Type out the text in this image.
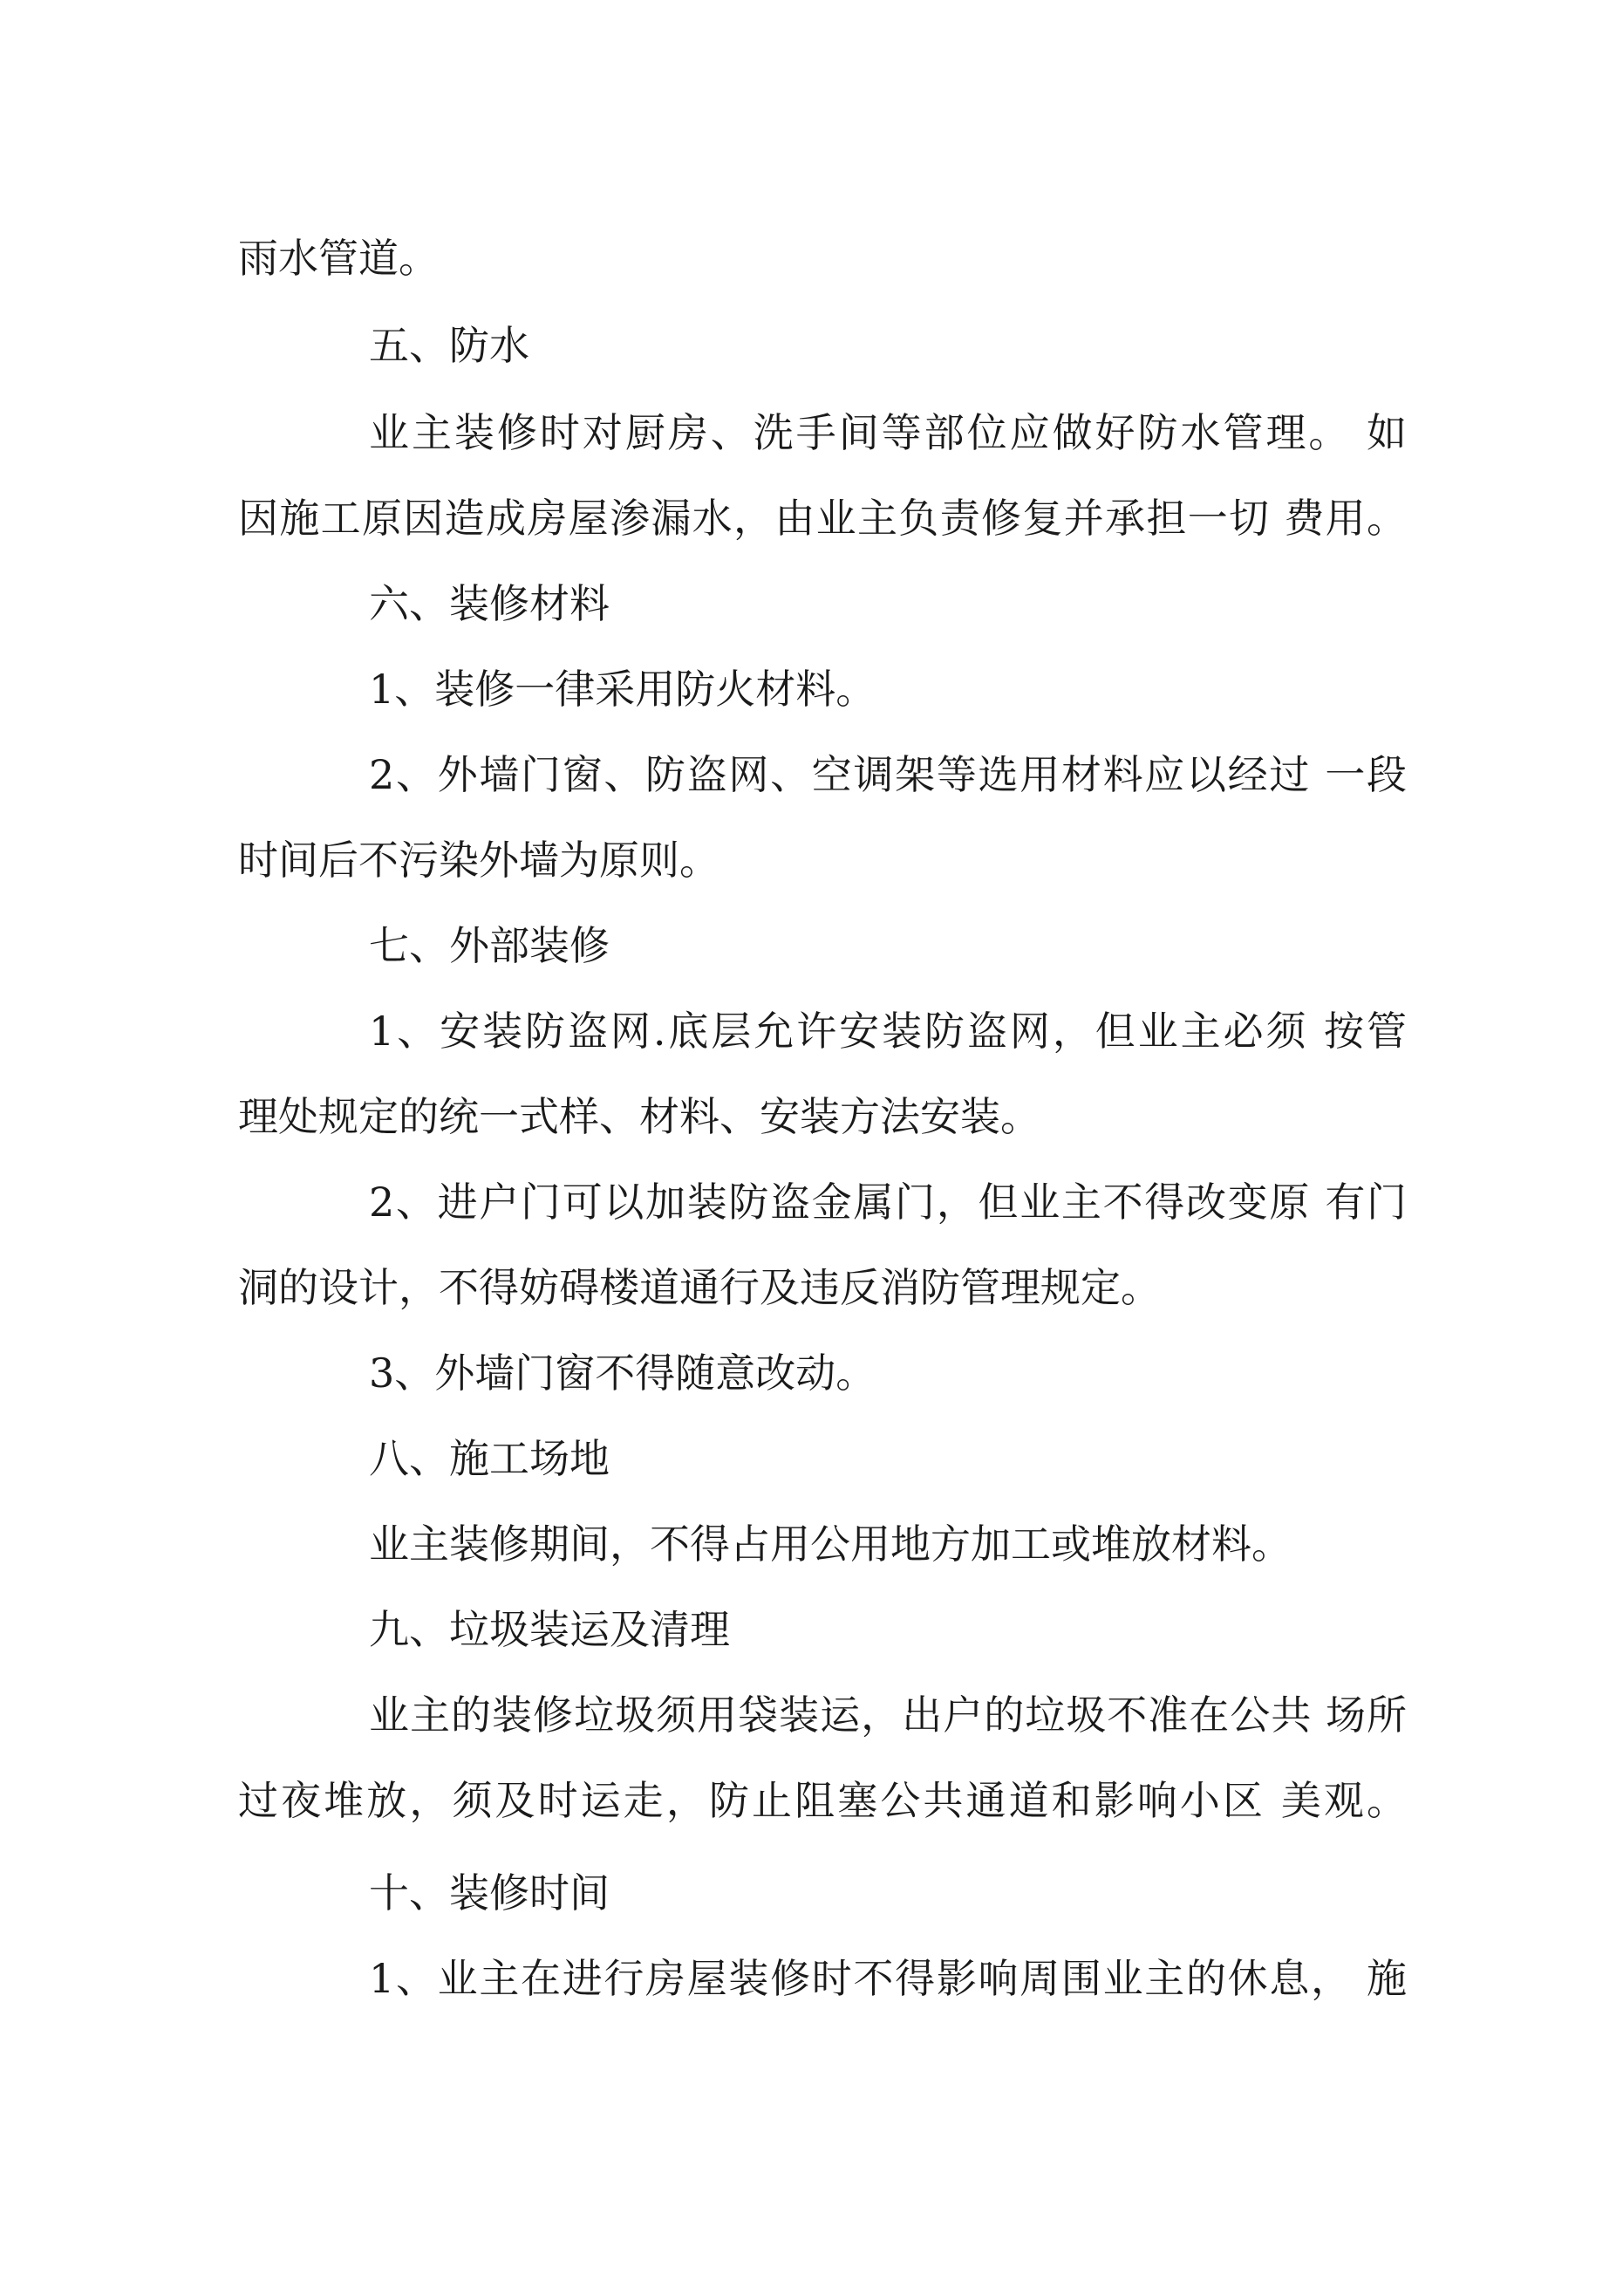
雨水管道。
五、防水
业主装修时对厨房、洗手间等部位应做好防水管理。 如
因施工原因造成房屋渗漏水，由业主负责修复并承担一切 费用。
六、装修材料
1、装修一律采用防火材料。
2、外墙门窗、防盗网、空调架等选用材料应以经过 一段
时间后不污染外墙为原则。
七、外部装修
1、安装防盗网.底层允许安装防盗网，但业主必须 按管
理处规定的统一式样、材料、安装方法安装。
2、进户门可以加装防盗金属门，但业主不得改变原 有门
洞的设计，不得妨碍楼道通行及违反消防管理规定。
3、外墙门窗不得随意改动。
八、施工场地
业主装修期间，不得占用公用地方加工或堆放材料。
九、垃圾装运及清理
业主的装修垃圾须用袋装运，出户的垃圾不准在公共 场所
过夜堆放，须及时运走，防止阻塞公共通道和影响小区 美观。
十、装修时间
1、业主在进行房屋装修时不得影响周围业主的休息， 施
